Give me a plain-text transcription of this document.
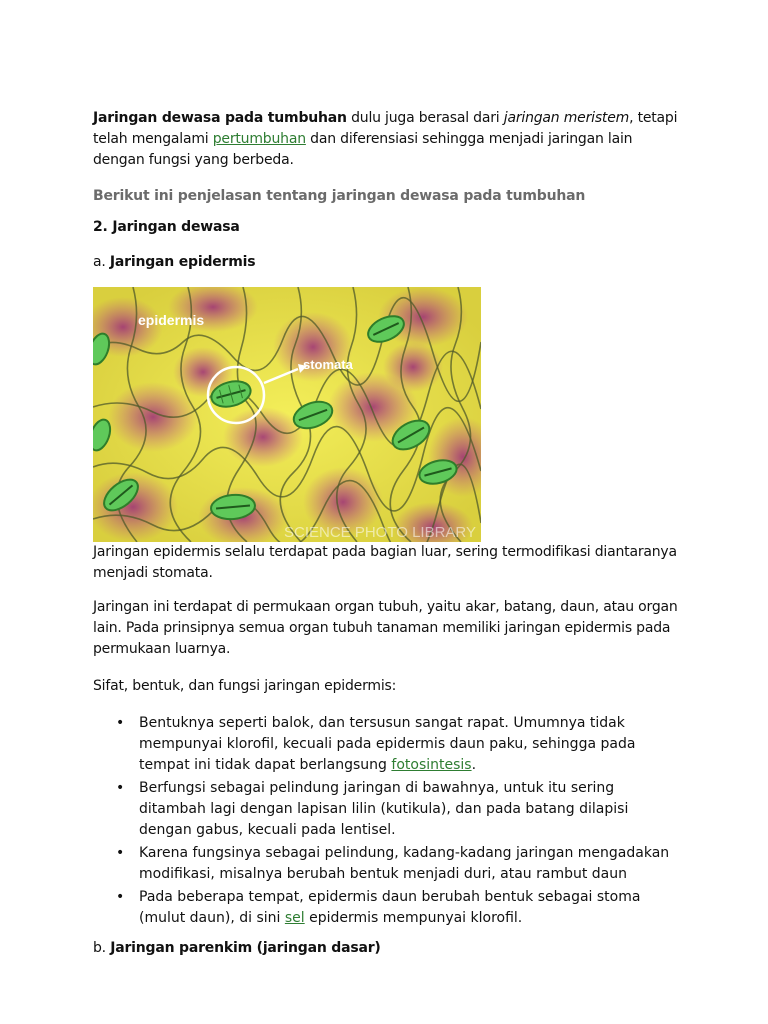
Jaringan dewasa pada tumbuhan dulu juga berasal dari jaringan meristem, tetapi telah mengalami pertumbuhan dan diferensiasi sehingga menjadi jaringan lain dengan fungsi yang berbeda.

Berikut ini penjelasan tentang jaringan dewasa pada tumbuhan

2. Jaringan dewasa

a. Jaringan epidermis

epidermis
stomata
SCIENCE PHOTO LIBRARY

Jaringan epidermis selalu terdapat pada bagian luar, sering termodifikasi diantaranya menjadi stomata.

Jaringan ini terdapat di permukaan organ tubuh, yaitu akar, batang, daun, atau organ lain. Pada prinsipnya semua organ tubuh tanaman memiliki jaringan epidermis pada permukaan luarnya.

Sifat, bentuk, dan fungsi jaringan epidermis:

• Bentuknya seperti balok, dan tersusun sangat rapat. Umumnya tidak mempunyai klorofil, kecuali pada epidermis daun paku, sehingga pada tempat ini tidak dapat berlangsung fotosintesis.
• Berfungsi sebagai pelindung jaringan di bawahnya, untuk itu sering ditambah lagi dengan lapisan lilin (kutikula), dan pada batang dilapisi dengan gabus, kecuali pada lentisel.
• Karena fungsinya sebagai pelindung, kadang-kadang jaringan mengadakan modifikasi, misalnya berubah bentuk menjadi duri, atau rambut daun
• Pada beberapa tempat, epidermis daun berubah bentuk sebagai stoma (mulut daun), di sini sel epidermis mempunyai klorofil.

b. Jaringan parenkim (jaringan dasar)
